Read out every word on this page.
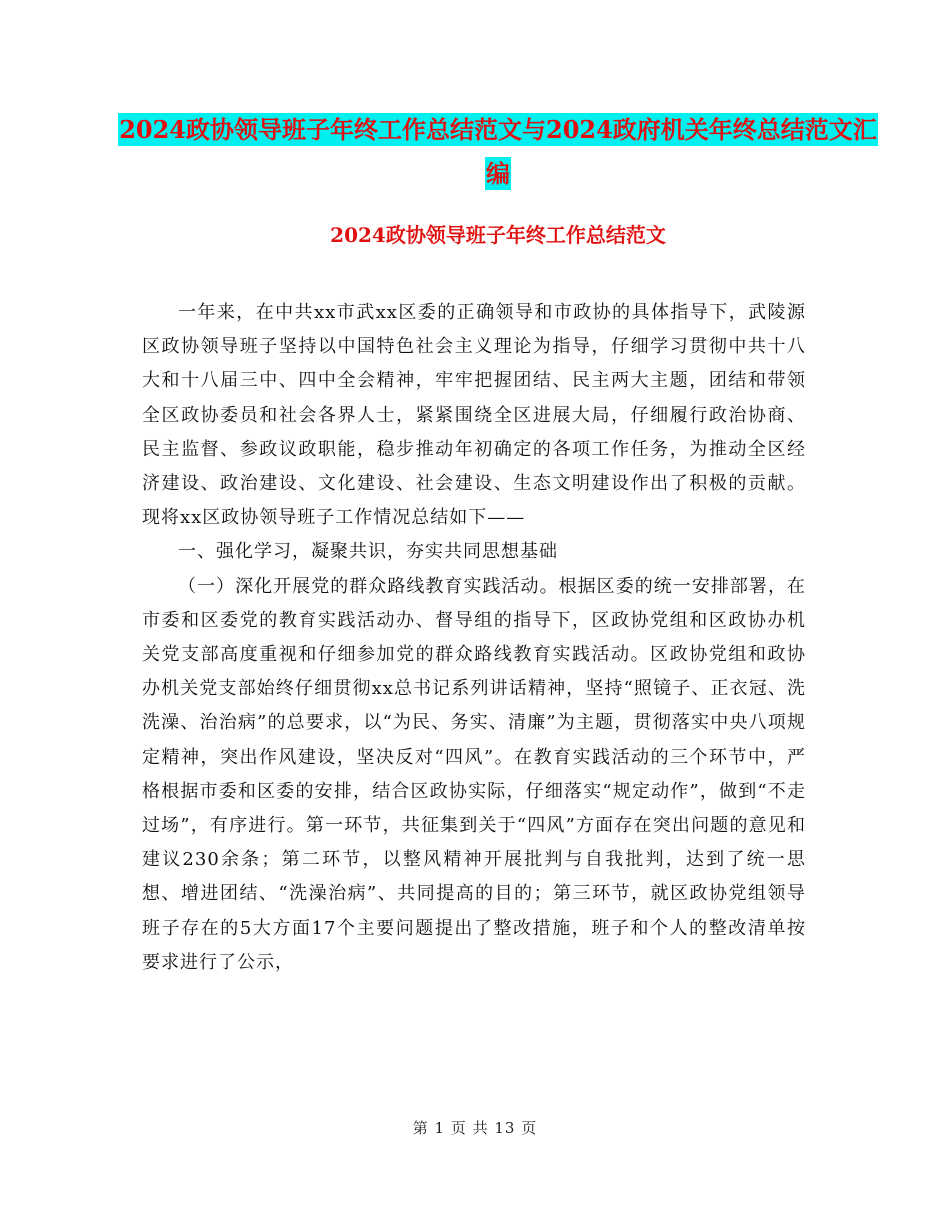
2024政协领导班子年终工作总结范文与2024政府机关年终总结范文汇编
2024政协领导班子年终工作总结范文

一年来，在中共xx市武xx区委的正确领导和市政协的具体指导下，武陵源区政协领导班子坚持以中国特色社会主义理论为指导，仔细学习贯彻中共十八大和十八届三中、四中全会精神，牢牢把握团结、民主两大主题，团结和带领全区政协委员和社会各界人士，紧紧围绕全区进展大局，仔细履行政治协商、民主监督、参政议政职能，稳步推动年初确定的各项工作任务，为推动全区经济建设、政治建设、文化建设、社会建设、生态文明建设作出了积极的贡献。 现将xx区政协领导班子工作情况总结如下——

一、强化学习，凝聚共识，夯实共同思想基础

（一）深化开展党的群众路线教育实践活动。根据区委的统一安排部署，在市委和区委党的教育实践活动办、督导组的指导下，区政协党组和区政协办机关党支部高度重视和仔细参加党的群众路线教育实践活动。区政协党组和政协办机关党支部始终仔细贯彻xx总书记系列讲话精神，坚持“照镜子、正衣冠、洗洗澡、治治病”的总要求，以“为民、务实、清廉”为主题，贯彻落实中央八项规定精神，突出作风建设，坚决反对“四风”。在教育实践活动的三个环节中，严格根据市委和区委的安排，结合区政协实际，仔细落实“规定动作”，做到“不走过场”，有序进行。第一环节，共征集到关于“四风”方面存在突出问题的意见和建议230余条；第二环节，以整风精神开展批判与自我批判，达到了统一思想、增进团结、“洗澡治病”、共同提高的目的；第三环节，就区政协党组领导班子存在的5大方面17个主要问题提出了整改措施，班子和个人的整改清单按要求进行了公示，

第 1 页 共 13 页
